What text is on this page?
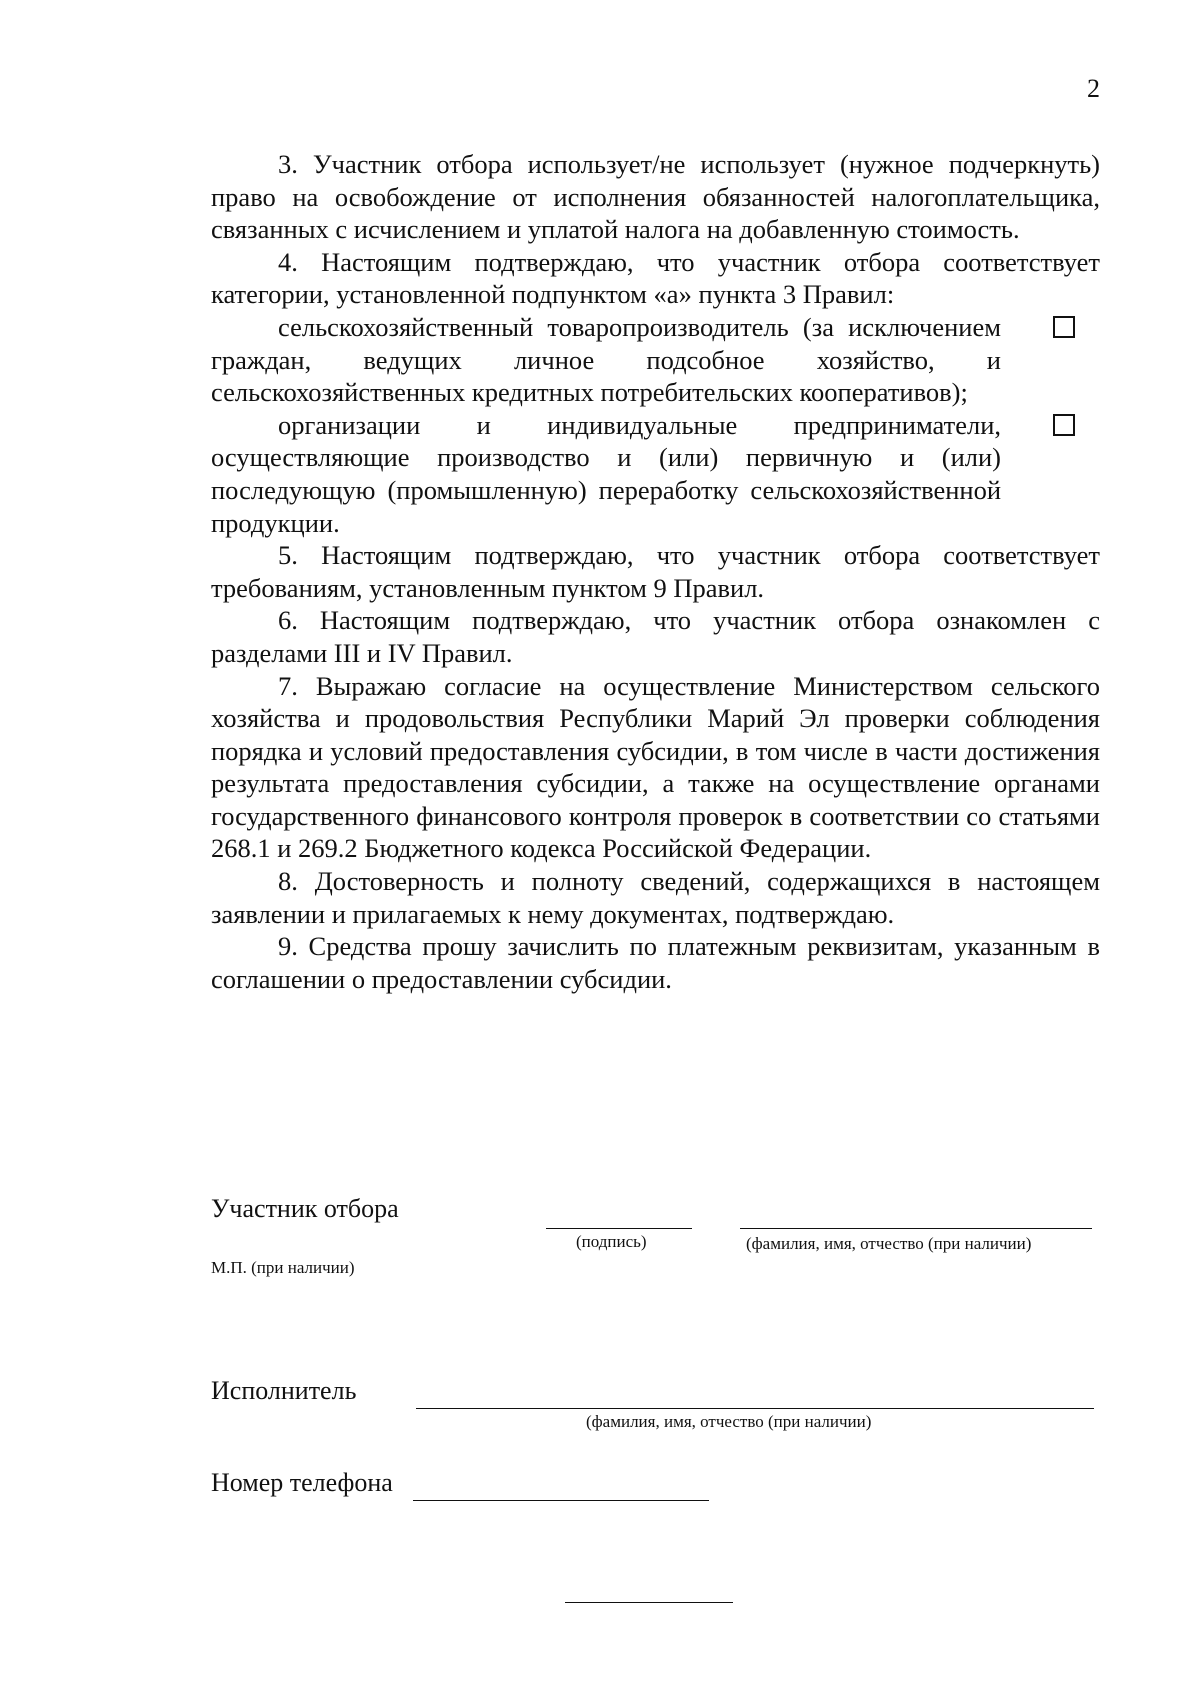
2

3. Участник отбора использует/не использует (нужное подчеркнуть) право на освобождение от исполнения обязанностей налогоплательщика, связанных с исчислением и уплатой налога на добавленную стоимость.

4. Настоящим подтверждаю, что участник отбора соответствует категории, установленной подпунктом «а» пункта 3 Правил:

сельскохозяйственный товаропроизводитель (за исключением граждан, ведущих личное подсобное хозяйство, и сельскохозяйственных кредитных потребительских кооперативов);

организации и индивидуальные предприниматели, осуществляющие производство и (или) первичную и (или) последующую (промышленную) переработку сельскохозяйственной продукции.

5. Настоящим подтверждаю, что участник отбора соответствует требованиям, установленным пунктом 9 Правил.

6. Настоящим подтверждаю, что участник отбора ознакомлен с разделами III и IV Правил.

7. Выражаю согласие на осуществление Министерством сельского хозяйства и продовольствия Республики Марий Эл проверки соблюдения порядка и условий предоставления субсидии, в том числе в части достижения результата предоставления субсидии, а также на осуществление органами государственного финансового контроля проверок в соответствии со статьями 268.1 и 269.2 Бюджетного кодекса Российской Федерации.

8. Достоверность и полноту сведений, содержащихся в настоящем заявлении и прилагаемых к нему документах, подтверждаю.

9. Средства прошу зачислить по платежным реквизитам, указанным в соглашении о предоставлении субсидии.

Участник отбора
(подпись)	(фамилия, имя, отчество (при наличии)
М.П. (при наличии)
Исполнитель
(фамилия, имя, отчество (при наличии)
Номер телефона
